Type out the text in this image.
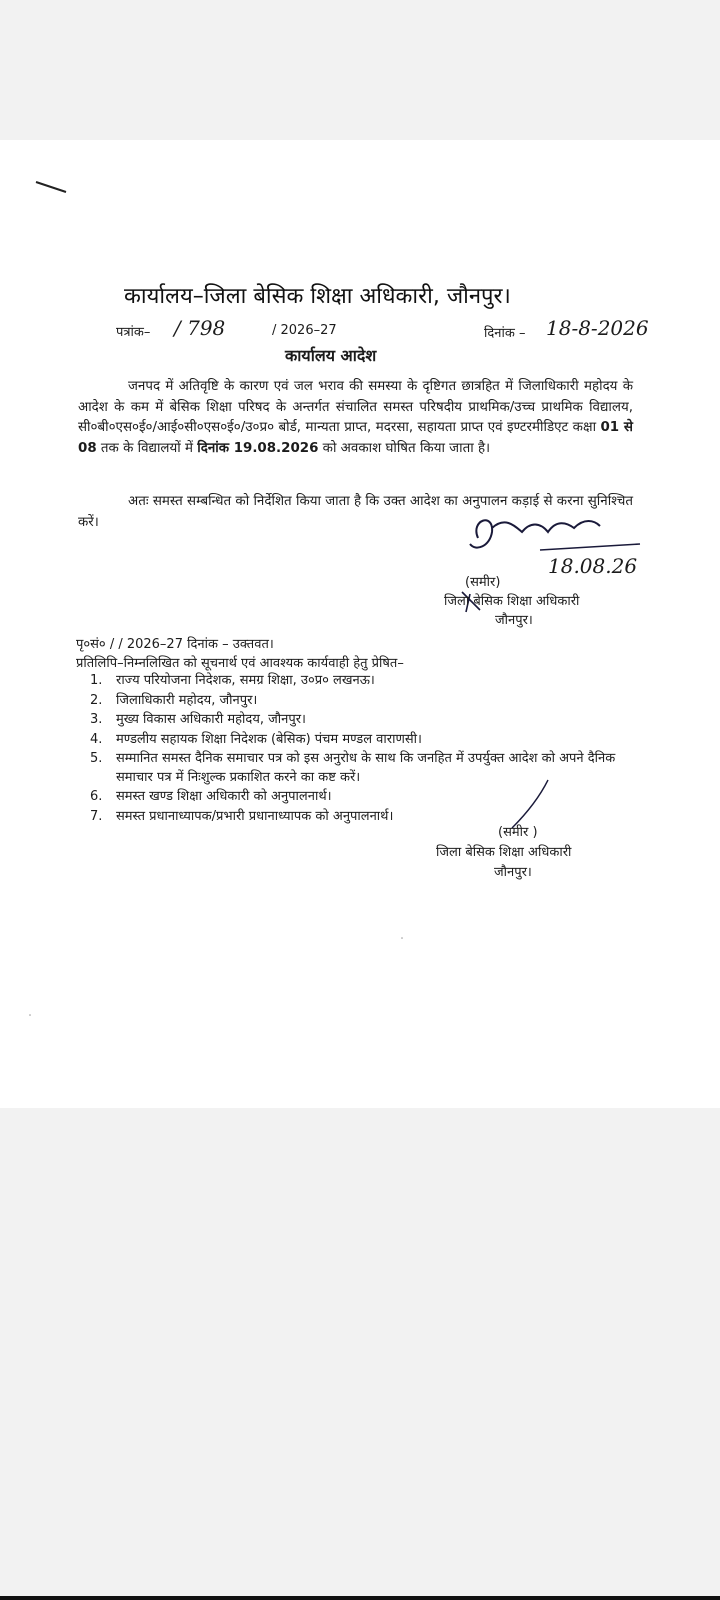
कार्यालय–जिला बेसिक शिक्षा अधिकारी, जौनपुर।
पत्रांक– / 798	/ 2026–27	दिनांक – 18-8-2026
कार्यालय आदेश

जनपद में अतिवृष्टि के कारण एवं जल भराव की समस्या के दृष्टिगत छात्रहित में जिलाधिकारी महोदय के आदेश के कम में बेसिक शिक्षा परिषद के अन्तर्गत संचालित समस्त परिषदीय प्राथमिक/उच्च प्राथमिक विद्यालय, सी०बी०एस०ई०/आई०सी०एस०ई०/उ०प्र० बोर्ड, मान्यता प्राप्त, मदरसा, सहायता प्राप्त एवं इण्टरमीडिएट कक्षा 01 से 08 तक के विद्यालयों में दिनांक 19.08.2026 को अवकाश घोषित किया जाता है।

अतः समस्त सम्बन्धित को निर्देशित किया जाता है कि उक्त आदेश का अनुपालन कड़ाई से करना सुनिश्चित करें।

18.08.26
(समीर)
जिला बेसिक शिक्षा अधिकारी
जौनपुर।
पृ०सं० / / 2026–27 दिनांक – उक्तवत।
प्रतिलिपि–निम्नलिखित को सूचनार्थ एवं आवश्यक कार्यवाही हेतु प्रेषित–
1. राज्य परियोजना निदेशक, समग्र शिक्षा, उ०प्र० लखनऊ।
2. जिलाधिकारी महोदय, जौनपुर।
3. मुख्य विकास अधिकारी महोदय, जौनपुर।
4. मण्डलीय सहायक शिक्षा निदेशक (बेसिक) पंचम मण्डल वाराणसी।
5. सम्मानित समस्त दैनिक समाचार पत्र को इस अनुरोध के साथ कि जनहित में उपर्युक्त आदेश को अपने दैनिक समाचार पत्र में निःशुल्क प्रकाशित करने का कष्ट करें।
6. समस्त खण्ड शिक्षा अधिकारी को अनुपालनार्थ।
7. समस्त प्रधानाध्यापक/प्रभारी प्रधानाध्यापक को अनुपालनार्थ।
(समीर )
जिला बेसिक शिक्षा अधिकारी
जौनपुर।
